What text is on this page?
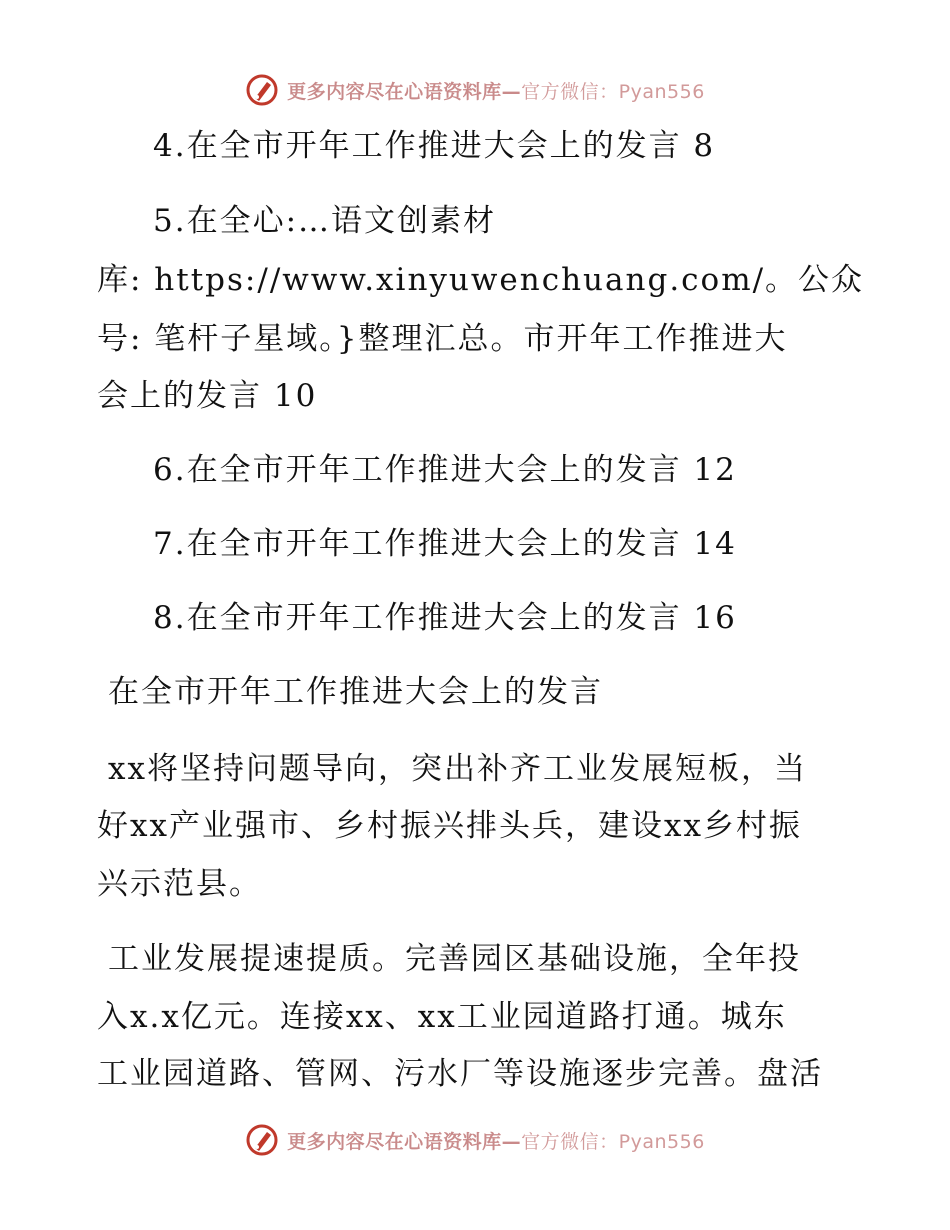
更多内容尽在心语资料库—官方微信：Pyan556
4.在全市开年工作推进大会上的发言 8
5.在全心:…语文创素材
库: https://www.xinyuwenchuang.com/。公众
号: 笔杆子星域。}整理汇总。市开年工作推进大
会上的发言 10
6.在全市开年工作推进大会上的发言 12
7.在全市开年工作推进大会上的发言 14
8.在全市开年工作推进大会上的发言 16
在全市开年工作推进大会上的发言
xx将坚持问题导向，突出补齐工业发展短板，当
好xx产业强市、乡村振兴排头兵，建设xx乡村振
兴示范县。
工业发展提速提质。完善园区基础设施，全年投
入x.x亿元。连接xx、xx工业园道路打通。城东
工业园道路、管网、污水厂等设施逐步完善。盘活
更多内容尽在心语资料库—官方微信：Pyan556
